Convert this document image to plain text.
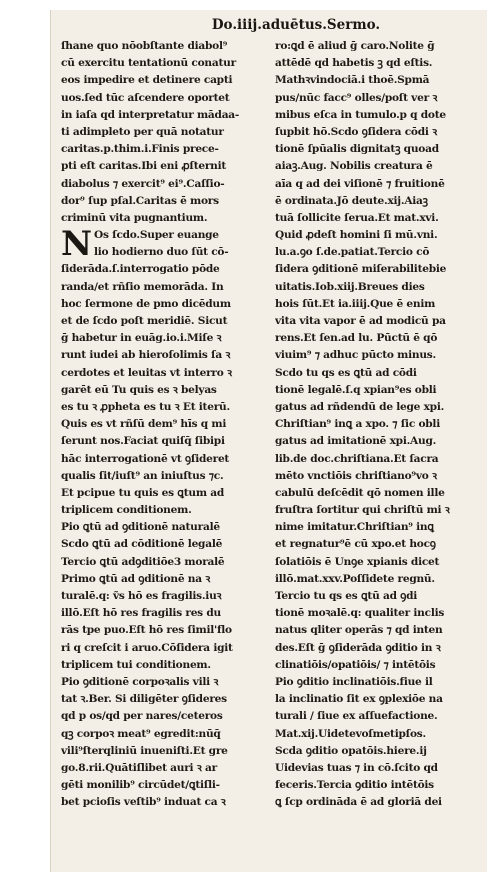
Do.iiij.aduētus.Sermo.
ſhane quo nōobſtante diabol⁹
cū exercitu tentationū conatur
eos impedire et detinere capti
uos.ſed tūc aſcendere oportet
in iaſa qd interpretatur mādaa-
ti adimpleto per quā notatur
caritas.p.thim.i.Finis prece-
pti eſt caritas.Ibi eni ꝓſternit
diabolus ⁊ exercit⁹ ei⁹.Caſſio-
dor⁹ ſup pſal.Caritas ē mors
criminū vita pugnantium.
N Os ſcdo.Super euange
lio hodierno duo ſūt cō-
ſiderāda.ſ.interrogatio pōde
randa/et rñſio memorāda. In
hoc ſermone de pmo dicēdum
et de ſcdo poſt meridiē. Sicut
ḡ habetur in euāg.io.i.Miſe ꝛ
runt iudei ab hieroſolimis ſa ꝛ
cerdotes et leuitas vt interro ꝛ
garēt eū Tu quis es ꝛ belyas
es tu ꝛ ꝓpheta es tu ꝛ Et iterū.
Quis es vt rñſū dem⁹ hīs q mi
ſerunt nos.Faciat quiſq̄ ſibipi
hāc interrogationē vt ꝯſideret
qualis ſit/iuſt⁹ an iniuſtus ⁊c.
Et pcipue tu quis es ꝗtum ad
triplicem conditionem.
Pio ꝗtū ad ꝯditionē naturalē
Scdo ꝗtū ad cōditionē legalē
Tercio ꝗtū adꝯditiōe3 moralē
Primo ꝗtū ad ꝯditionē na ꝛ
turalē.q: ṽs hō es fragilis.iuꝛ
illō.Eſt hō res fragilis res du
rās tpe puo.Eſt hō res ſimil'flo
ri q creſcit i aruo.Cōſidera igit
triplicem tui conditionem.
Pio ꝯditionē corpoꝛalis vili ꝛ
tat ꝛ.Ber. Si diligēter ꝯſideres
qd p os/qd per nares/ceteros
qꝫ corpoꝛ meat⁹ egredit:nūq̄
vili⁹ſterqliniū inueniſti.Et gre
go.8.rii.Quātiſlibet auri ꝛ ar
gēti monilib⁹ circūdet/ꝗtiſli-
bet pcioſis veſtib⁹ induat ca ꝛ
ro:ꝗd ē aliud ḡ caro.Nolite ḡ
attēdē qd habetis ꝫ qd eſtis.
Mathꝛvindociā.i thoē.Spmā
pus/nūc facc⁹ olles/poſt ver ꝛ
mibus eſca in tumulo.p q dote
ſupbit hō.Scdo ꝯſidera cōdi ꝛ
tionē ſpūalis dignitatꝫ quoad
aiaꝫ.Aug. Nobilis creatura ē
aīa q ad dei viſionē ⁊ fruitionē
ē ordinata.Jō deute.xij.Aiaꝫ
tuā ſollicite ſerua.Et mat.xvi.
Quid ꝓdeſt homini ſi mū.vni.
lu.a.ꝯo ſ.de.patiat.Tercio cō
ſidera ꝯditionē miſerabilitebie
uitatis.Iob.xiij.Breues dies
hois ſūt.Et ia.iiij.Que ē enim
vita vita vapor ē ad modicū pa
rens.Et ſen.ad lu. Pūctū ē qō
viuim⁹ ⁊ adhuc pūcto minus.
Scdo tu qs es ꝗtū ad cōdi
tionē legalē.ſ.q xpian⁹es obli
gatus ad rñdendū de lege xpi.
Chriſtian⁹ inꝗ a xpo. ⁊ ſic obli
gatus ad imitationē xpi.Aug.
lib.de doc.chriſtiana.Et ſacra
mēto vnctiōis chriſtiano⁹vo ꝛ
cabulū deſcēdit qō nomen ille
fruſtra ſortitur qui chriſtū mi ꝛ
nime imitatur.Chriſtian⁹ inꝗ
et regnatur⁹ē cū xpo.et hocꝯ
ſolatiōis ē Unꝯe xpianis dicet
illō.mat.xxv.Poſſidete regnū.
Tercio tu qs es ꝗtū ad ꝯdi
tionē moꝛalē.q: qualiter inclis
natus qliter operās ⁊ qd inten
des.Eſt ḡ ꝯſiderāda ꝯditio in ꝛ
clinatiōis/opatiōis/ ⁊ intētōis
Pio ꝯditio inclinatiōis.fiue il
la inclinatio ſit ex ꝯplexiōe na
turali / ſiue ex aſſuefactione.
Mat.xij.Uidetevoſmetipſos.
Scda ꝯditio opatōis.hiere.ij
Uidevias tuas ⁊ in cō.ſcito qd
feceris.Tercia ꝯditio intētōis
ꝗ ſcp ordināda ē ad gloriā dei
